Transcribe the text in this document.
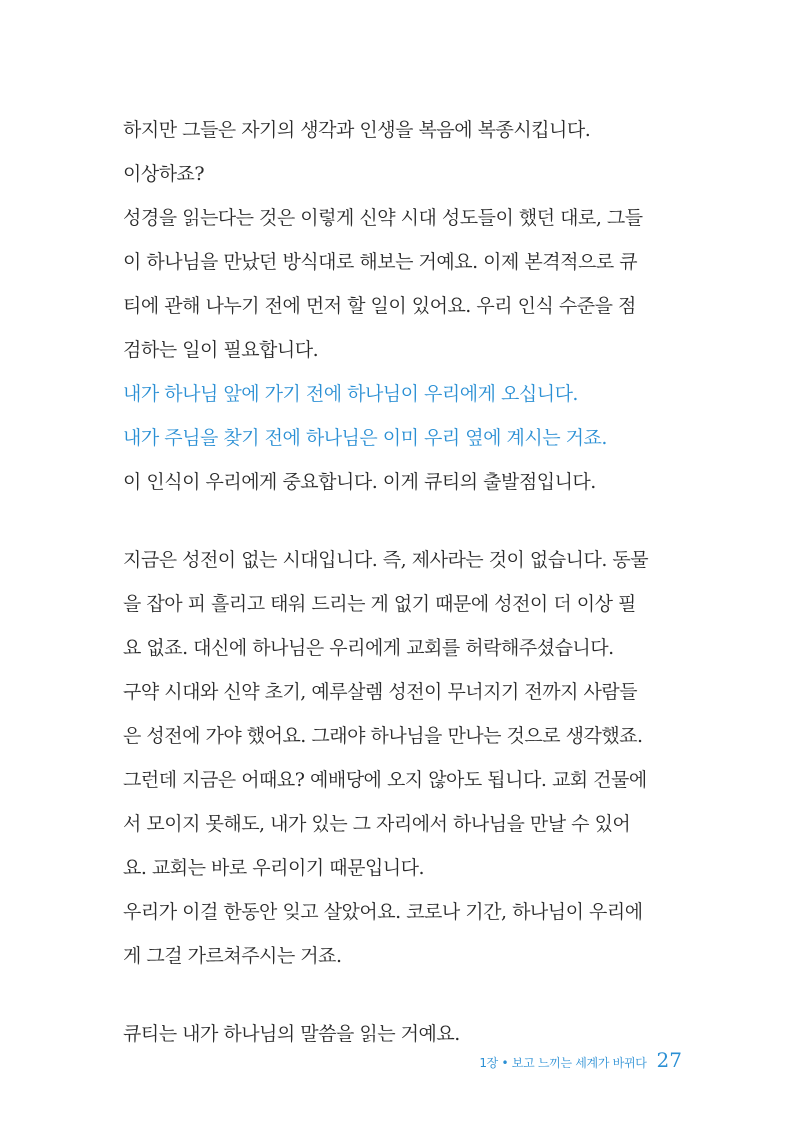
하지만 그들은 자기의 생각과 인생을 복음에 복종시킵니다.
이상하죠?
성경을 읽는다는 것은 이렇게 신약 시대 성도들이 했던 대로, 그들
이 하나님을 만났던 방식대로 해보는 거예요. 이제 본격적으로 큐
티에 관해 나누기 전에 먼저 할 일이 있어요. 우리 인식 수준을 점
검하는 일이 필요합니다.
내가 하나님 앞에 가기 전에 하나님이 우리에게 오십니다.
내가 주님을 찾기 전에 하나님은 이미 우리 옆에 계시는 거죠.
이 인식이 우리에게 중요합니다. 이게 큐티의 출발점입니다.
지금은 성전이 없는 시대입니다. 즉, 제사라는 것이 없습니다. 동물
을 잡아 피 흘리고 태워 드리는 게 없기 때문에 성전이 더 이상 필
요 없죠. 대신에 하나님은 우리에게 교회를 허락해주셨습니다.
구약 시대와 신약 초기, 예루살렘 성전이 무너지기 전까지 사람들
은 성전에 가야 했어요. 그래야 하나님을 만나는 것으로 생각했죠.
그런데 지금은 어때요? 예배당에 오지 않아도 됩니다. 교회 건물에
서 모이지 못해도, 내가 있는 그 자리에서 하나님을 만날 수 있어
요. 교회는 바로 우리이기 때문입니다.
우리가 이걸 한동안 잊고 살았어요. 코로나 기간, 하나님이 우리에
게 그걸 가르쳐주시는 거죠.
큐티는 내가 하나님의 말씀을 읽는 거예요.
1장 • 보고 느끼는 세계가 바뀌다 27
